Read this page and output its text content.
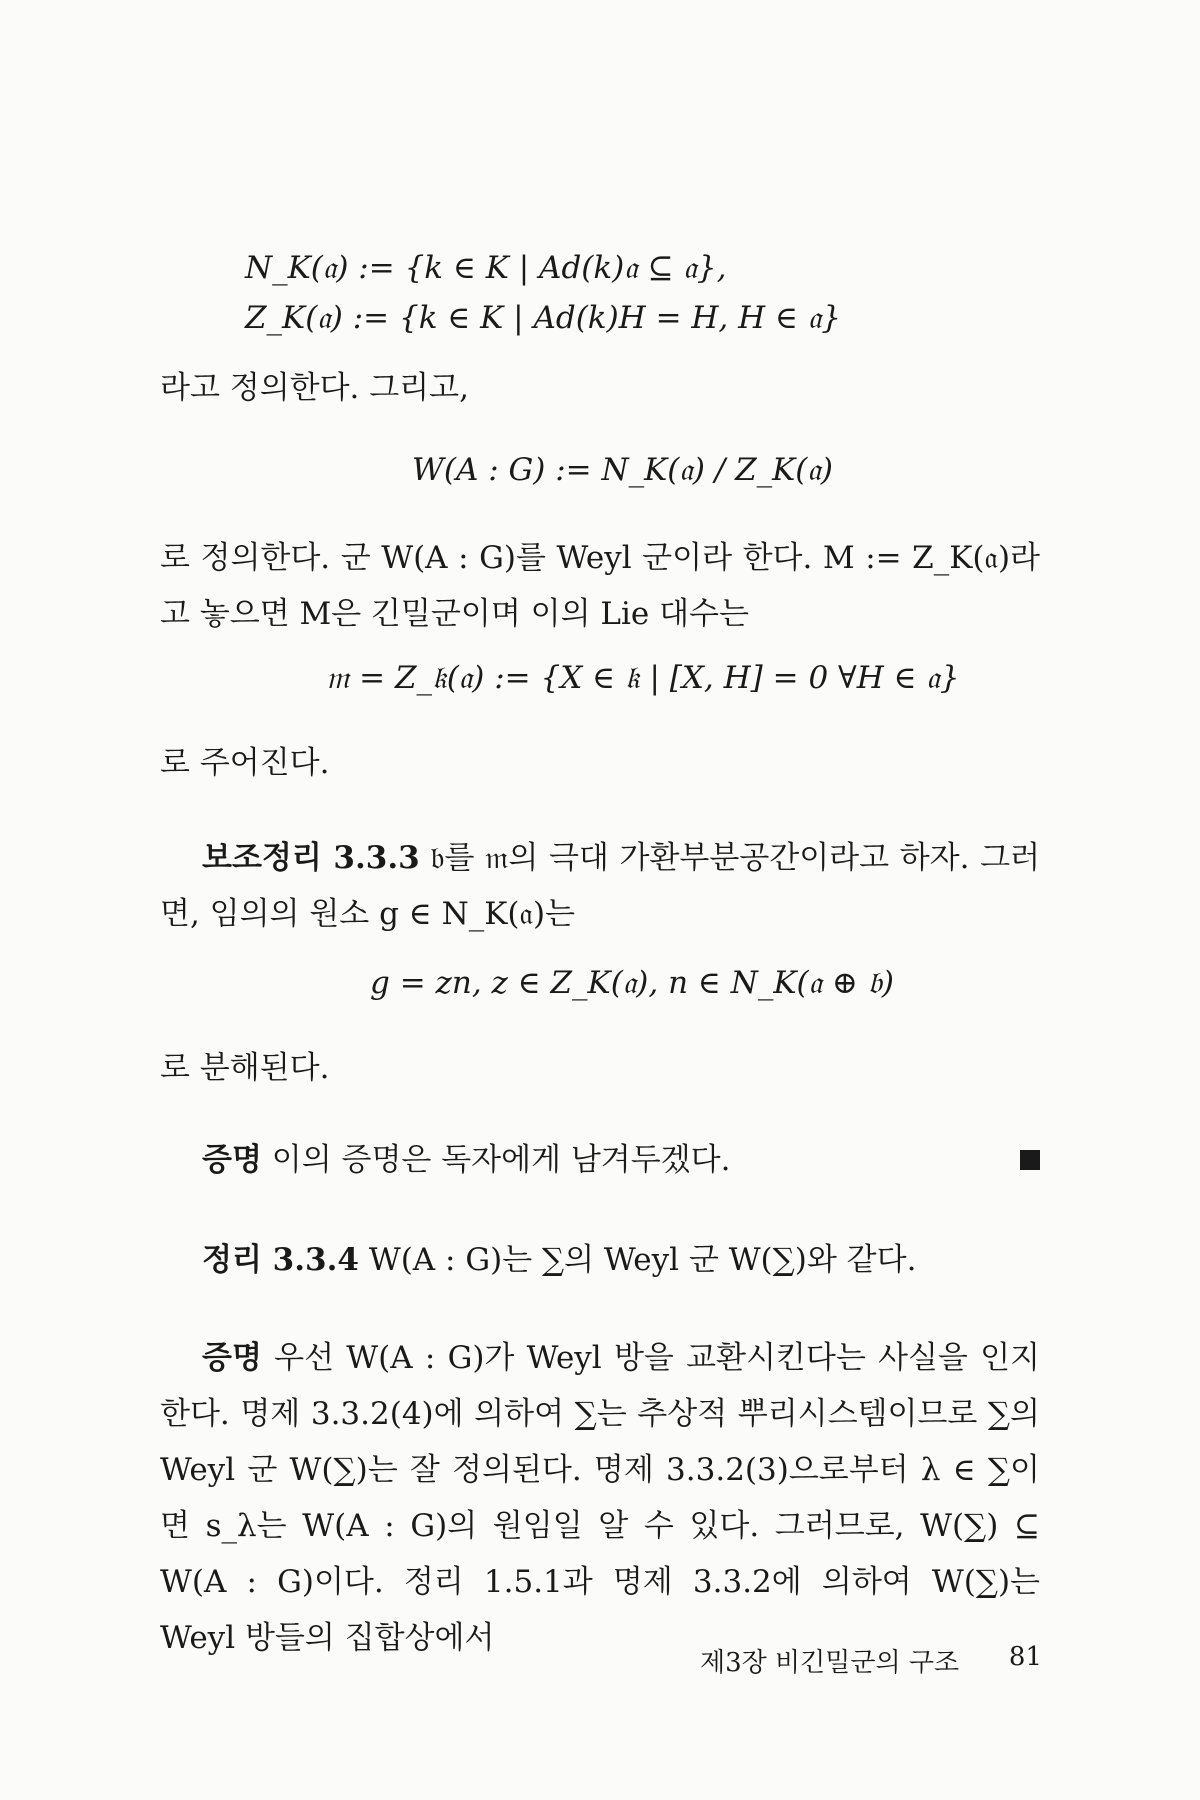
N_K(𝔞) := {k ∈ K | Ad(k)𝔞 ⊆ 𝔞},
Z_K(𝔞) := {k ∈ K | Ad(k)H = H, H ∈ 𝔞}
라고 정의한다. 그리고,
W(A : G) := N_K(𝔞) / Z_K(𝔞)
로 정의한다. 군 W(A : G)를 Weyl 군이라 한다. M := Z_K(𝔞)라고 놓으면 M은 긴밀군이며 이의 Lie 대수는
𝔪 = Z_𝔨(𝔞) := {X ∈ 𝔨 | [X, H] = 0 ∀H ∈ 𝔞}
로 주어진다.
보조정리 3.3.3 𝔟를 𝔪의 극대 가환부분공간이라고 하자. 그러면, 임의의 원소 g ∈ N_K(𝔞)는
g = zn, z ∈ Z_K(𝔞), n ∈ N_K(𝔞 ⊕ 𝔟)
로 분해된다.
증명 이의 증명은 독자에게 남겨두겠다.
정리 3.3.4 W(A : G)는 ∑의 Weyl 군 W(∑)와 같다.
증명 우선 W(A : G)가 Weyl 방을 교환시킨다는 사실을 인지한다. 명제 3.3.2(4)에 의하여 ∑는 추상적 뿌리시스템이므로 ∑의 Weyl 군 W(∑)는 잘 정의된다. 명제 3.3.2(3)으로부터 λ ∈ ∑이면 s_λ는 W(A : G)의 원임일 알 수 있다. 그러므로, W(∑) ⊆ W(A : G)이다. 정리 1.5.1과 명제 3.3.2에 의하여 W(∑)는 Weyl 방들의 집합상에서
제3장 비긴밀군의 구조 81
